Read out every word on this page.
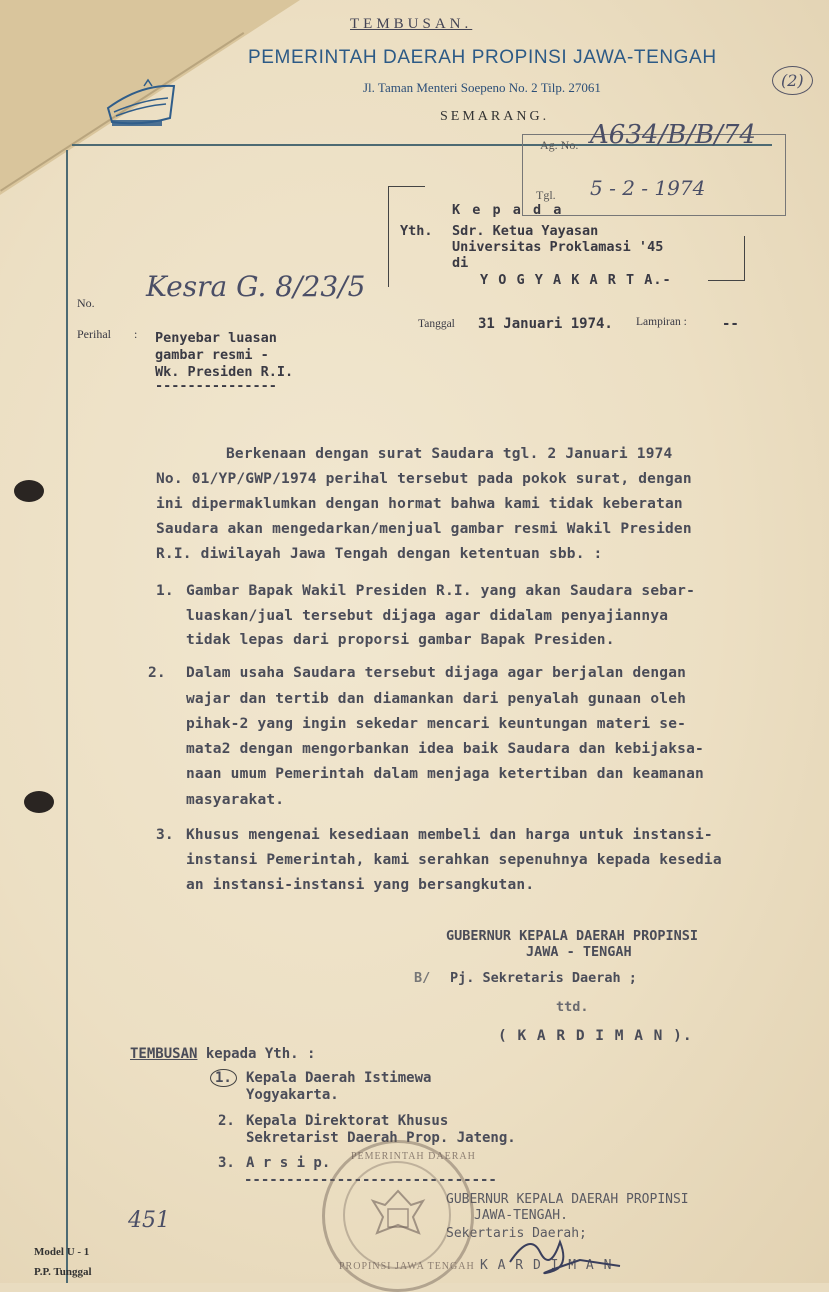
TEMBUSAN.
PEMERINTAH DAERAH PROPINSI JAWA-TENGAH
Jl. Taman Menteri Soepeno No. 2 Tilp. 27061
SEMARANG.
(2)
Ag. No. A634/B/B/74
Tgl. 5 - 2 - 1974
K e p a d a
Yth. Sdr. Ketua Yayasan
Universitas Proklamasi '45
di
Y O G Y A K A R T A.-
No. Kesra G. 8/23/5
Perihal : Penyebar luasan
gambar resmi -
Wk. Presiden R.I.
---------------
Tanggal 31 Januari 1974. Lampiran :	--
Berkenaan dengan surat Saudara tgl. 2 Januari 1974
No. 01/YP/GWP/1974 perihal tersebut pada pokok surat, dengan
ini dipermaklumkan dengan hormat bahwa kami tidak keberatan
Saudara akan mengedarkan/menjual gambar resmi Wakil Presiden
R.I. diwilayah Jawa Tengah dengan ketentuan sbb. :
1. Gambar Bapak Wakil Presiden R.I. yang akan Saudara sebar-
luaskan/jual tersebut dijaga agar didalam penyajiannya
tidak lepas dari proporsi gambar Bapak Presiden.
2. Dalam usaha Saudara tersebut dijaga agar berjalan dengan
wajar dan tertib dan diamankan dari penyalah gunaan oleh
pihak-2 yang ingin sekedar mencari keuntungan materi se-
mata2 dengan mengorbankan idea baik Saudara dan kebijaksa-
naan umum Pemerintah dalam menjaga ketertiban dan keamanan
masyarakat.
3. Khusus mengenai kesediaan membeli dan harga untuk instansi-
instansi Pemerintah, kami serahkan sepenuhnya kepada kesedia
an instansi-instansi yang bersangkutan.
GUBERNUR KEPALA DAERAH PROPINSI
JAWA - TENGAH
B/ Pj. Sekretaris Daerah ;
ttd.
( K A R D I M A N ).
TEMBUSAN kepada Yth. :
1.	Kepala Daerah Istimewa
Yogyakarta.
2. Kepala Direktorat Khusus
Sekretarist Daerah Prop. Jateng.
3. A r s i p.
------------------------------
GUBERNUR KEPALA DAERAH PROPINSI
JAWA-TENGAH.
Sekertaris Daerah;
K A R D I M A N
PEMERINTAH DAERAH
PROPINSI JAWA TENGAH
451
Model U - 1
P.P. Tunggal
